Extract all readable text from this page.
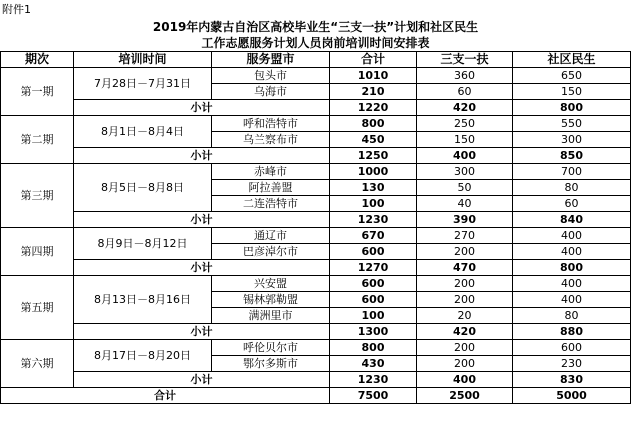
附件1
2019年内蒙古自治区高校毕业生“三支一扶”计划和社区民生
工作志愿服务计划人员岗前培训时间安排表
期次	培训时间	服务盟市	合计	三支一扶	社区民生
第一期	7月28日－7月31日	包头市	1010	360	650
		乌海市	210	60	150
	小计		1220	420	800
第二期	8月1日－8月4日	呼和浩特市	800	250	550
		乌兰察布市	450	150	300
	小计		1250	400	850
第三期	8月5日－8月8日	赤峰市	1000	300	700
		阿拉善盟	130	50	80
		二连浩特市	100	40	60
	小计		1230	390	840
第四期	8月9日－8月12日	通辽市	670	270	400
		巴彦淖尔市	600	200	400
	小计		1270	470	800
第五期	8月13日－8月16日	兴安盟	600	200	400
		锡林郭勒盟	600	200	400
		满洲里市	100	20	80
	小计		1300	420	880
第六期	8月17日－8月20日	呼伦贝尔市	800	200	600
		鄂尔多斯市	430	200	230
	小计		1230	400	830
合计			7500	2500	5000
